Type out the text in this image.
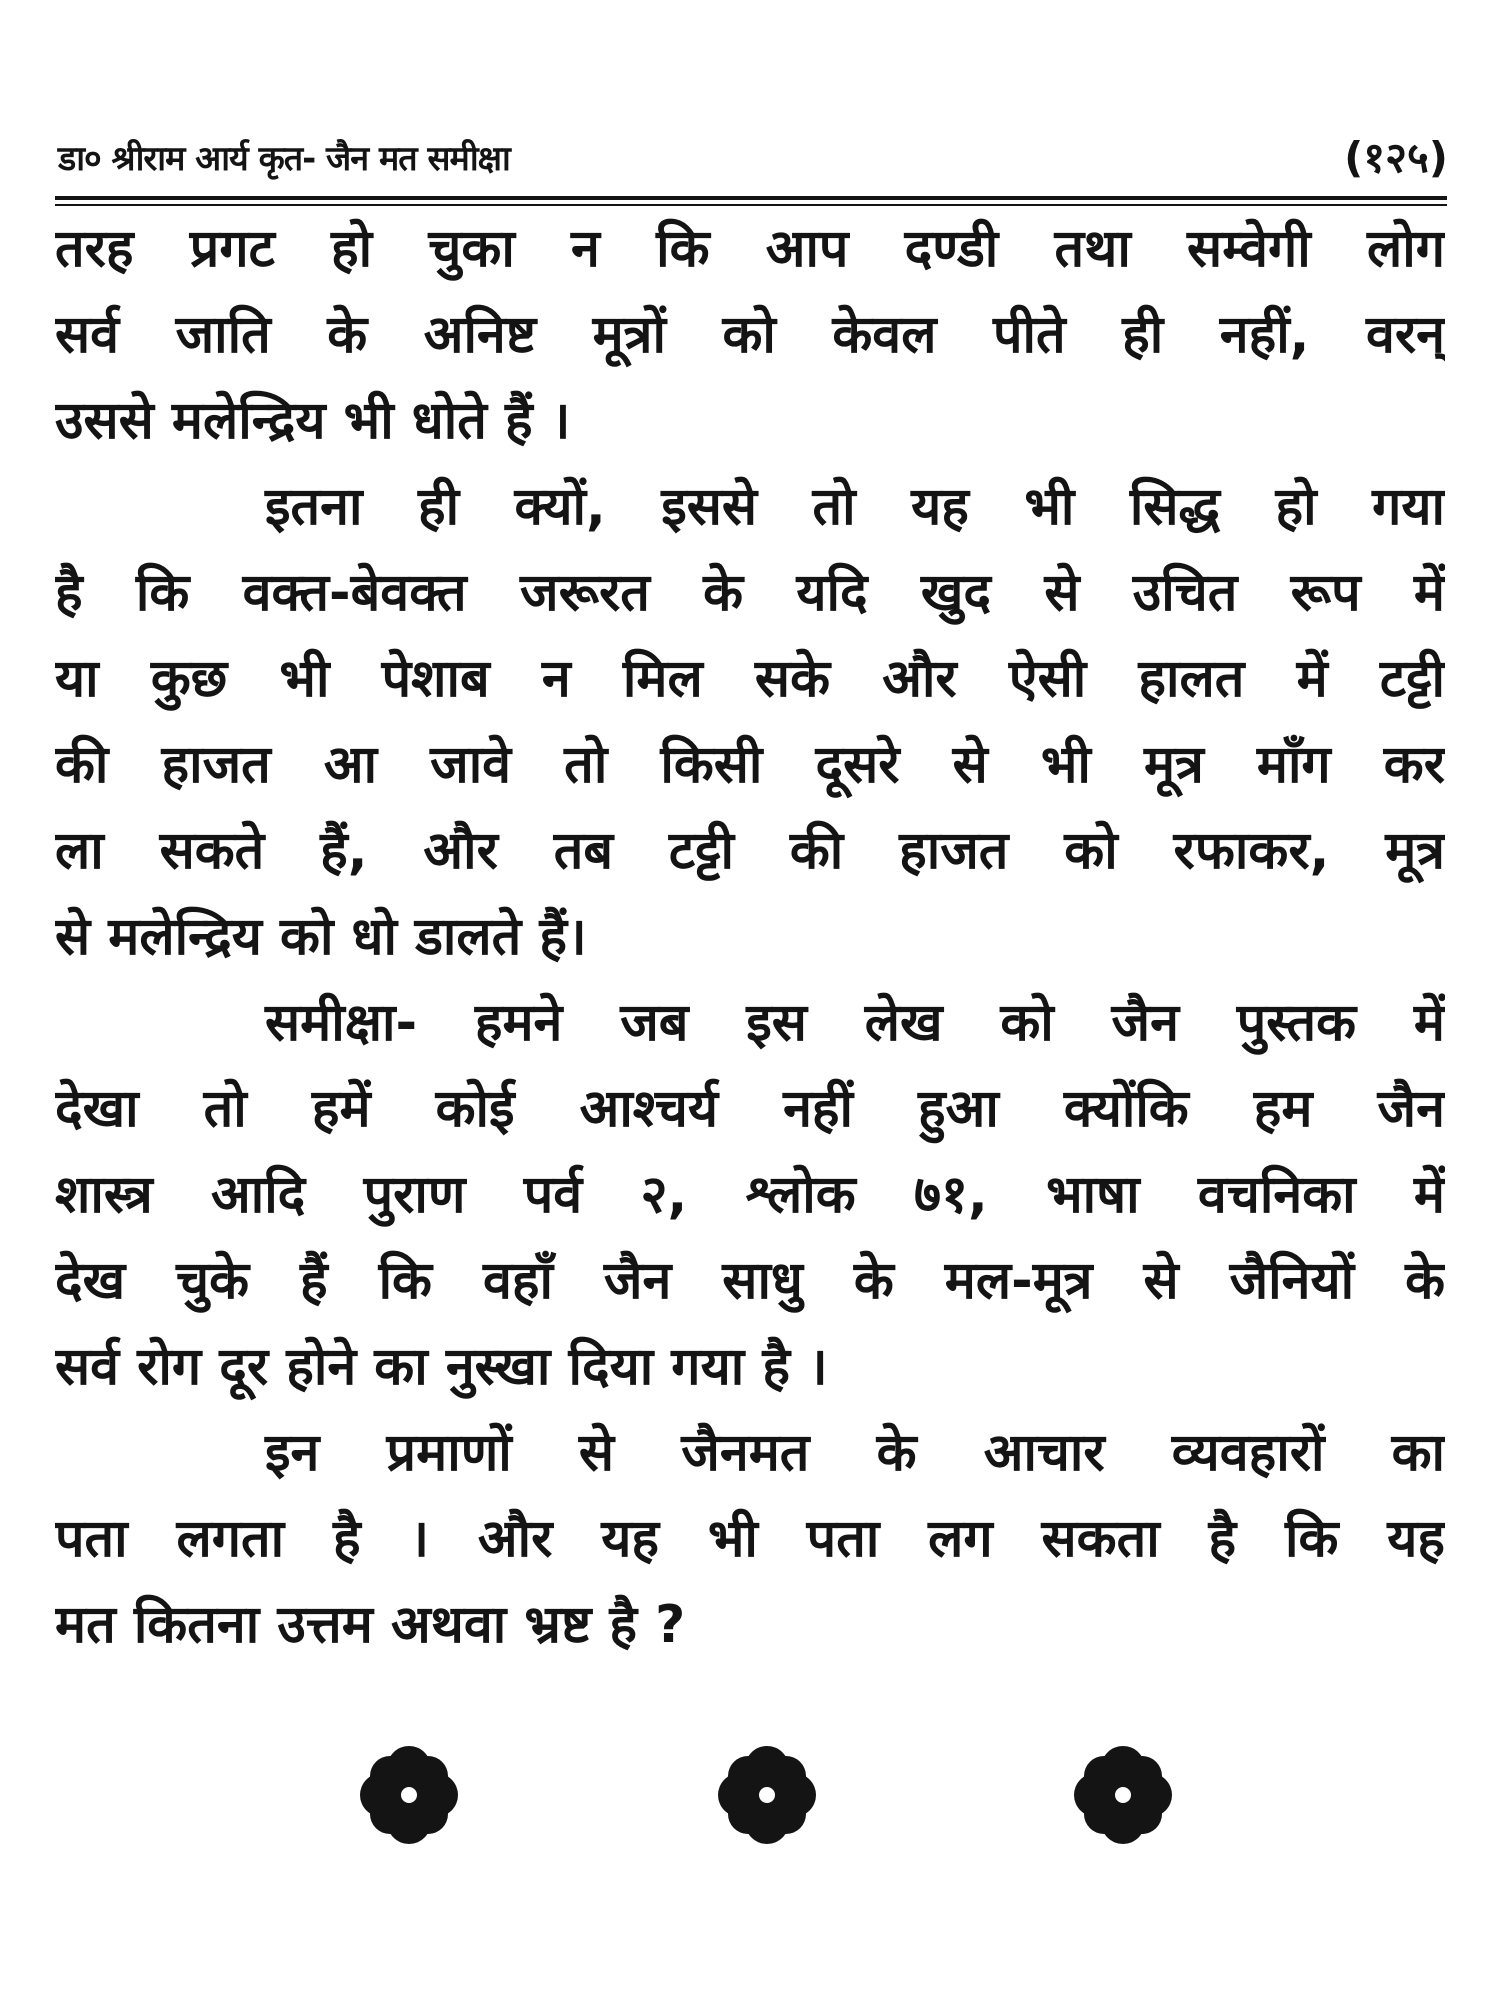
डा० श्रीराम आर्य कृत- जैन मत समीक्षा	(१२५)
तरह प्रगट हो चुका न कि आप दण्डी तथा सम्वेगी लोग
सर्व जाति के अनिष्ट मूत्रों को केवल पीते ही नहीं, वरन्
उससे मलेन्द्रिय भी धोते हैं ।
इतना ही क्यों, इससे तो यह भी सिद्ध हो गया
है कि वक्त-बेवक्त जरूरत के यदि खुद से उचित रूप में
या कुछ भी पेशाब न मिल सके और ऐसी हालत में टट्टी
की हाजत आ जावे तो किसी दूसरे से भी मूत्र माँग कर
ला सकते हैं, और तब टट्टी की हाजत को रफाकर, मूत्र
से मलेन्द्रिय को धो डालते हैं।
समीक्षा- हमने जब इस लेख को जैन पुस्तक में
देखा तो हमें कोई आश्चर्य नहीं हुआ क्योंकि हम जैन
शास्त्र आदि पुराण पर्व २, श्लोक ७१, भाषा वचनिका में
देख चुके हैं कि वहाँ जैन साधु के मल-मूत्र से जैनियों के
सर्व रोग दूर होने का नुस्खा दिया गया है ।
इन प्रमाणों से जैनमत के आचार व्यवहारों का
पता लगता है । और यह भी पता लग सकता है कि यह
मत कितना उत्तम अथवा भ्रष्ट है ?
